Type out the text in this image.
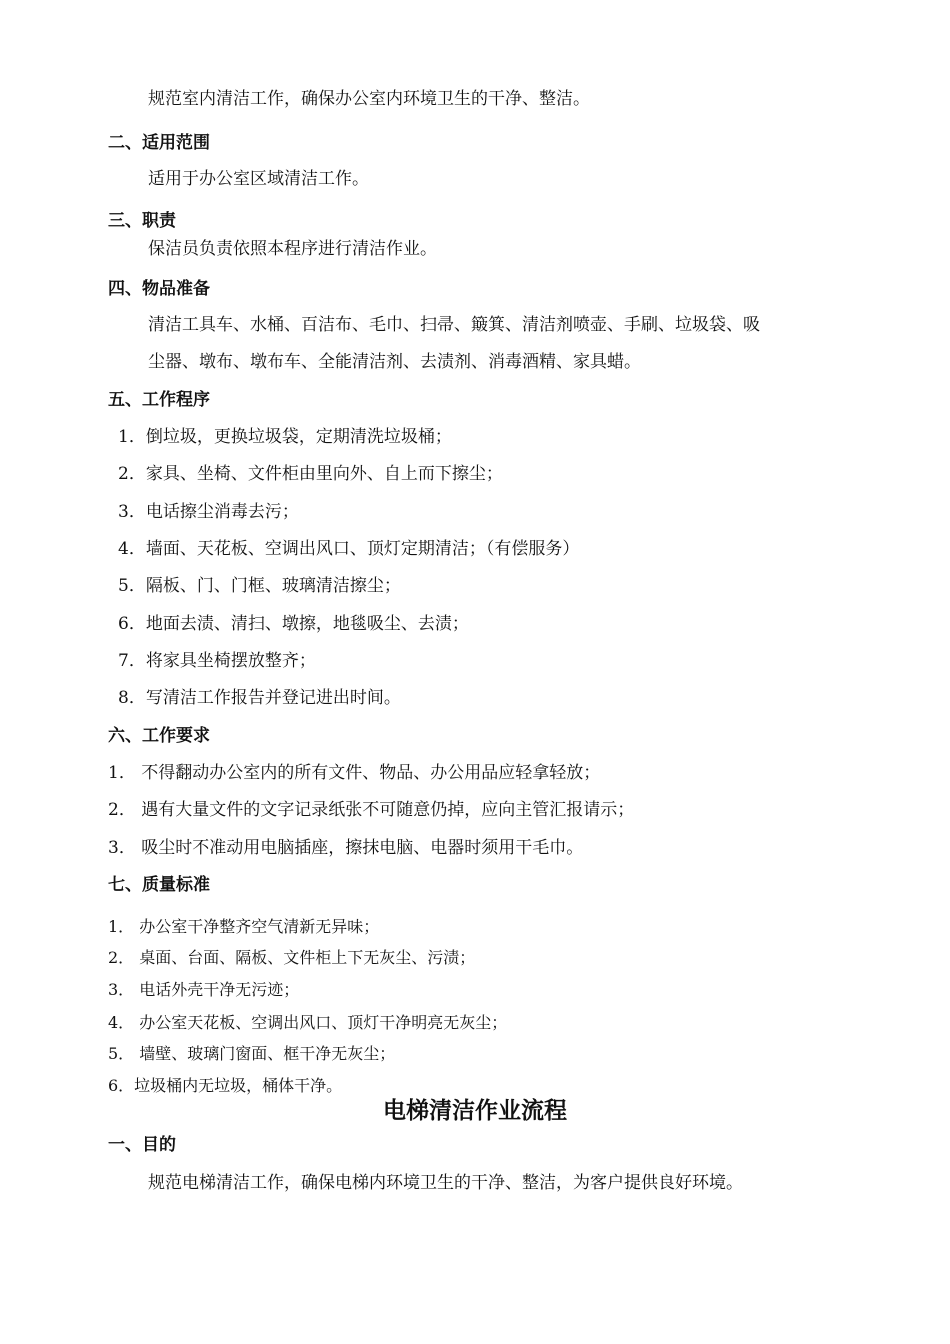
规范室内清洁工作，确保办公室内环境卫生的干净、整洁。
二、适用范围
适用于办公室区域清洁工作。
三、职责
保洁员负责依照本程序进行清洁作业。
四、物品准备
清洁工具车、水桶、百洁布、毛巾、扫帚、簸箕、清洁剂喷壶、手刷、垃圾袋、吸
尘器、墩布、墩布车、全能清洁剂、去渍剂、消毒酒精、家具蜡。
五、工作程序
1．倒垃圾，更换垃圾袋，定期清洗垃圾桶；
2．家具、坐椅、文件柜由里向外、自上而下擦尘；
3．电话擦尘消毒去污；
4．墙面、天花板、空调出风口、顶灯定期清洁；（有偿服务）
5．隔板、门、门框、玻璃清洁擦尘；
6．地面去渍、清扫、墩擦，地毯吸尘、去渍；
7．将家具坐椅摆放整齐；
8．写清洁工作报告并登记进出时间。
六、工作要求
1． 不得翻动办公室内的所有文件、物品、办公用品应轻拿轻放；
2． 遇有大量文件的文字记录纸张不可随意仍掉，应向主管汇报请示；
3． 吸尘时不准动用电脑插座，擦抹电脑、电器时须用干毛巾。
七、质量标准
1． 办公室干净整齐空气清新无异味；
2． 桌面、台面、隔板、文件柜上下无灰尘、污渍；
3． 电话外壳干净无污迹；
4． 办公室天花板、空调出风口、顶灯干净明亮无灰尘；
5． 墙壁、玻璃门窗面、框干净无灰尘；
6．垃圾桶内无垃圾，桶体干净。
电梯清洁作业流程
一、目的
规范电梯清洁工作，确保电梯内环境卫生的干净、整洁，为客户提供良好环境。
